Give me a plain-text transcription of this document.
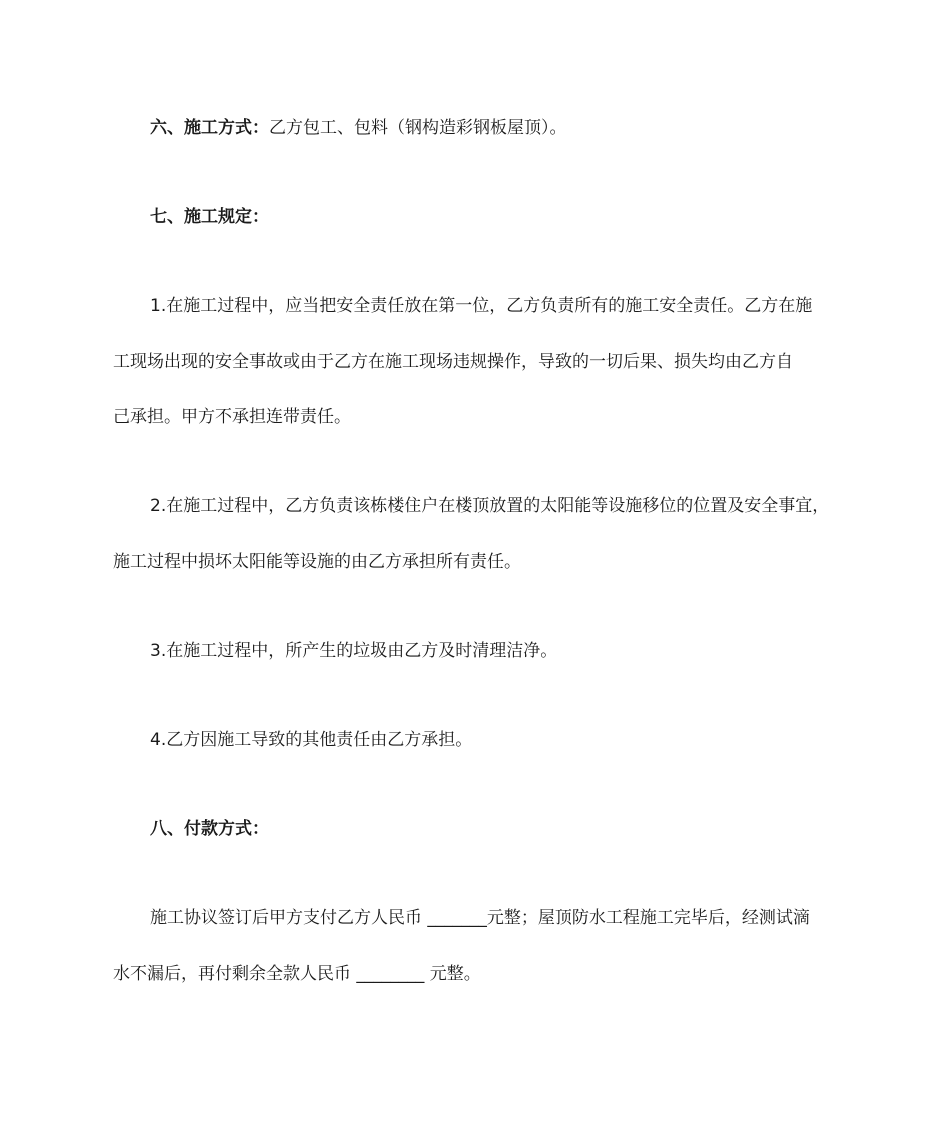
六、施工方式：乙方包工、包料（钢构造彩钢板屋顶）。
七、施工规定：
1.在施工过程中，应当把安全责任放在第一位，乙方负责所有的施工安全责任。乙方在施
工现场出现的安全事故或由于乙方在施工现场违规操作，导致的一切后果、损失均由乙方自
己承担。甲方不承担连带责任。
2.在施工过程中，乙方负责该栋楼住户在楼顶放置的太阳能等设施移位的位置及安全事宜，
施工过程中损坏太阳能等设施的由乙方承担所有责任。
3.在施工过程中，所产生的垃圾由乙方及时清理洁净。
4.乙方因施工导致的其他责任由乙方承担。
八、付款方式：
施工协议签订后甲方支付乙方人民币 _______元整；屋顶防水工程施工完毕后，经测试滴
水不漏后，再付剩余全款人民币 ________ 元整。
